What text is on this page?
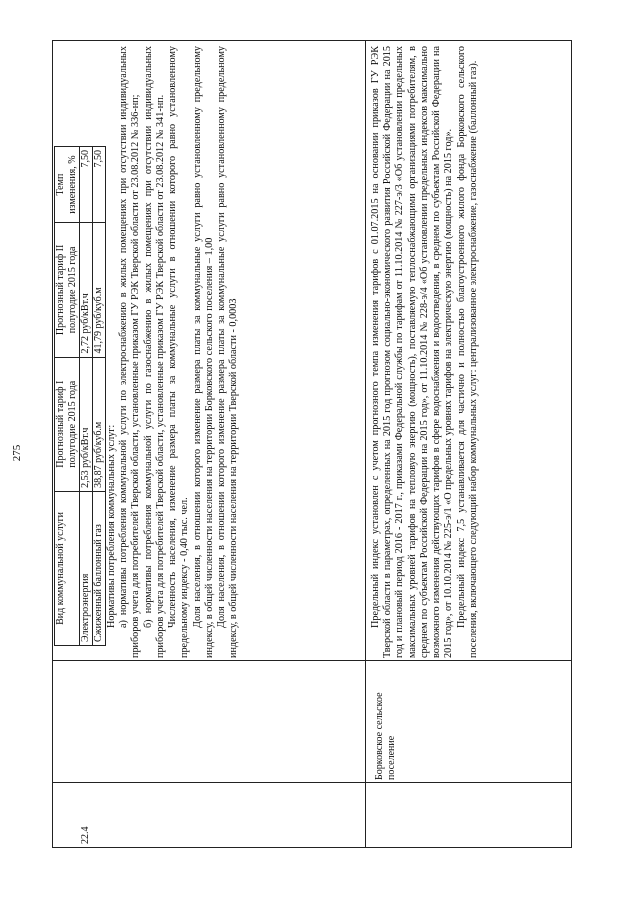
275
22.4
Борковское сельское поселение
Вид коммунальной услуги	Прогнозный тариф I полугодие 2015 года	Прогнозный тариф II полугодие 2015 года	Темп изменения, %
Электроэнергия	2,53 руб/кВт.ч	2,72 руб/кВт.ч	7,50
Сжиженный баллонный газ	38,87 руб/куб.м	41,79 руб/куб.м	7,50

Нормативы потребления коммунальных услуг: а) нормативы потребления коммунальной услуги по электроснабжению в жилых помещениях при отсутствии индивидуальных приборов учета для потребителей Тверской области, установленные приказом ГУ РЭК Тверской области от 23.08.2012 № 336-нп; б) нормативы потребления коммунальной услуги по газоснабжению в жилых помещениях при отсутствии индивидуальных приборов учета для потребителей Тверской области, установленные приказом ГУ РЭК Тверской области от 23.08.2012 № 341-нп. Численность населения, изменение размера платы за коммунальные услуги в отношении которого равно установленному предельному индексу - 0,40 тыс. чел. Доля населения, в отношении которого изменение размера платы за коммунальные услуги равно установленному предельному индексу, в общей численности населения на территории Борковского сельского поселения – 1,00 Доля населения, в отношении которого изменение размера платы за коммунальные услуги равно установленному предельному индексу, в общей численности населения на территории Тверской области - 0,0003	Предельный индекс установлен с учетом прогнозного темпа изменения тарифов с 01.07.2015 на основании приказов ГУ РЭК Тверской области в параметрах, определенных на 2015 год прогнозом социально-экономического развития Российской Федерации на 2015 год и плановый период 2016 - 2017 г., приказами Федеральной службы по тарифам от 11.10.2014 № 227-э/3 «Об установлении предельных максимальных уровней тарифов на тепловую энергию (мощность), поставляемую теплоснабжающими организациями потребителям, в среднем по субъектам Российской Федерации на 2015 год», от 11.10.2014 № 228-э/4 «Об установлении предельных индексов максимально возможного изменения действующих тарифов в сфере водоснабжения и водоотведения, в среднем по субъектам Российской Федерации на 2015 год», от 10.10.2014 № 225-э/1 «О предельных уровнях тарифов на электрическую энергию (мощность) на 2015 год». Предельный индекс 7,5 устанавливается для частично и полностью благоустроенного жилого фонда Борковского сельского поселения, включающего следующий набор коммунальных услуг: централизованное электроснабжение, газоснабжение (баллонный газ).
